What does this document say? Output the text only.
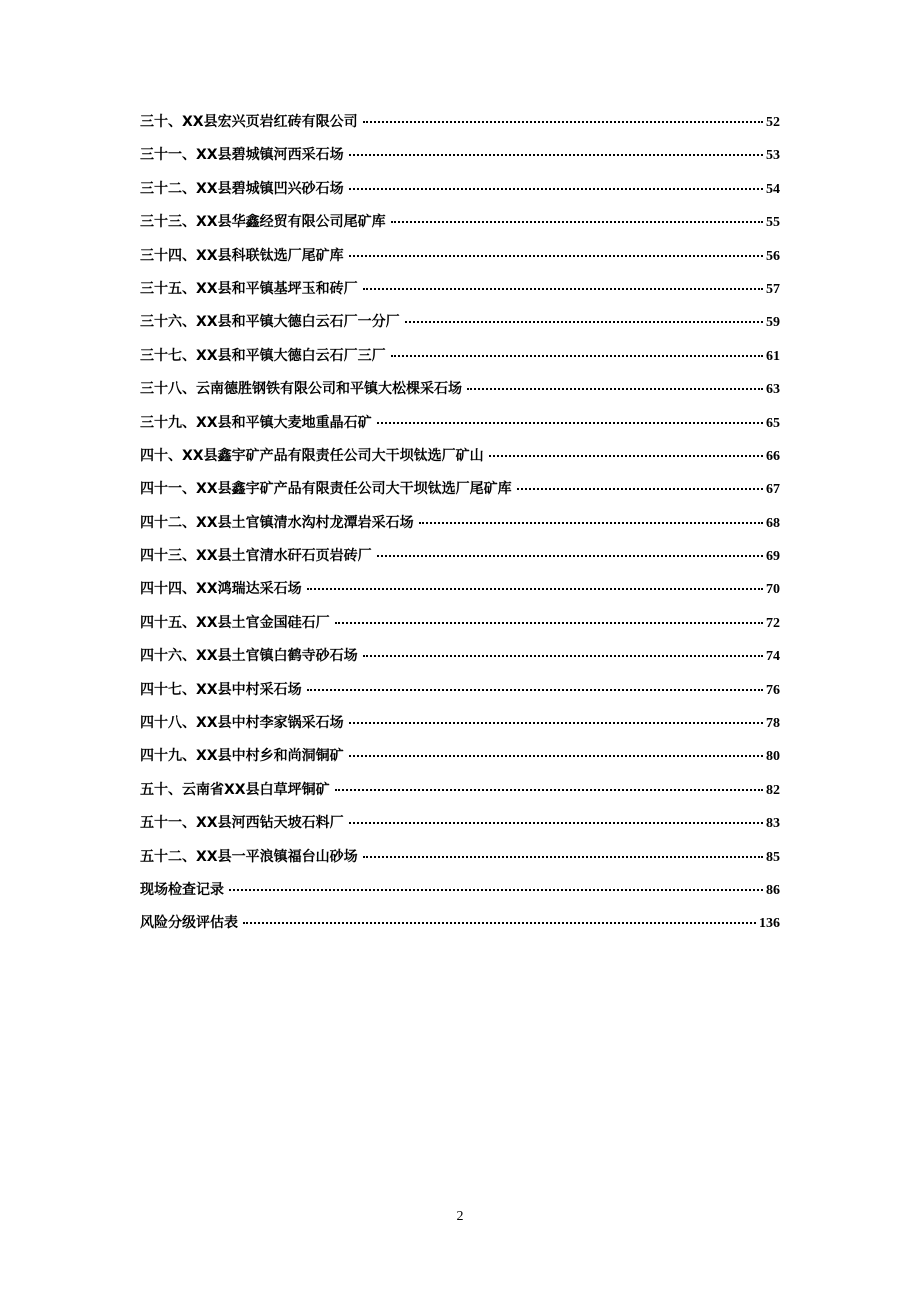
三十、XX县宏兴页岩红砖有限公司	52
三十一、XX县碧城镇河西采石场	53
三十二、XX县碧城镇凹兴砂石场	54
三十三、XX县华鑫经贸有限公司尾矿库	55
三十四、XX县科联钛选厂尾矿库	56
三十五、XX县和平镇基坪玉和砖厂	57
三十六、XX县和平镇大德白云石厂一分厂	59
三十七、XX县和平镇大德白云石厂三厂	61
三十八、云南德胜钢铁有限公司和平镇大松棵采石场	63
三十九、XX县和平镇大麦地重晶石矿	65
四十、XX县鑫宇矿产品有限责任公司大干坝钛选厂矿山	66
四十一、XX县鑫宇矿产品有限责任公司大干坝钛选厂尾矿库	67
四十二、XX县土官镇清水沟村龙潭岩采石场	68
四十三、XX县土官清水矸石页岩砖厂	69
四十四、XX鸿瑞达采石场	70
四十五、XX县土官金国硅石厂	72
四十六、XX县土官镇白鹤寺砂石场	74
四十七、XX县中村采石场	76
四十八、XX县中村李家锅采石场	78
四十九、XX县中村乡和尚洞铜矿	80
五十、云南省XX县白草坪铜矿	82
五十一、XX县河西钻天坡石料厂	83
五十二、XX县一平浪镇福台山砂场	85
现场检查记录	86
风险分级评估表	136
2
